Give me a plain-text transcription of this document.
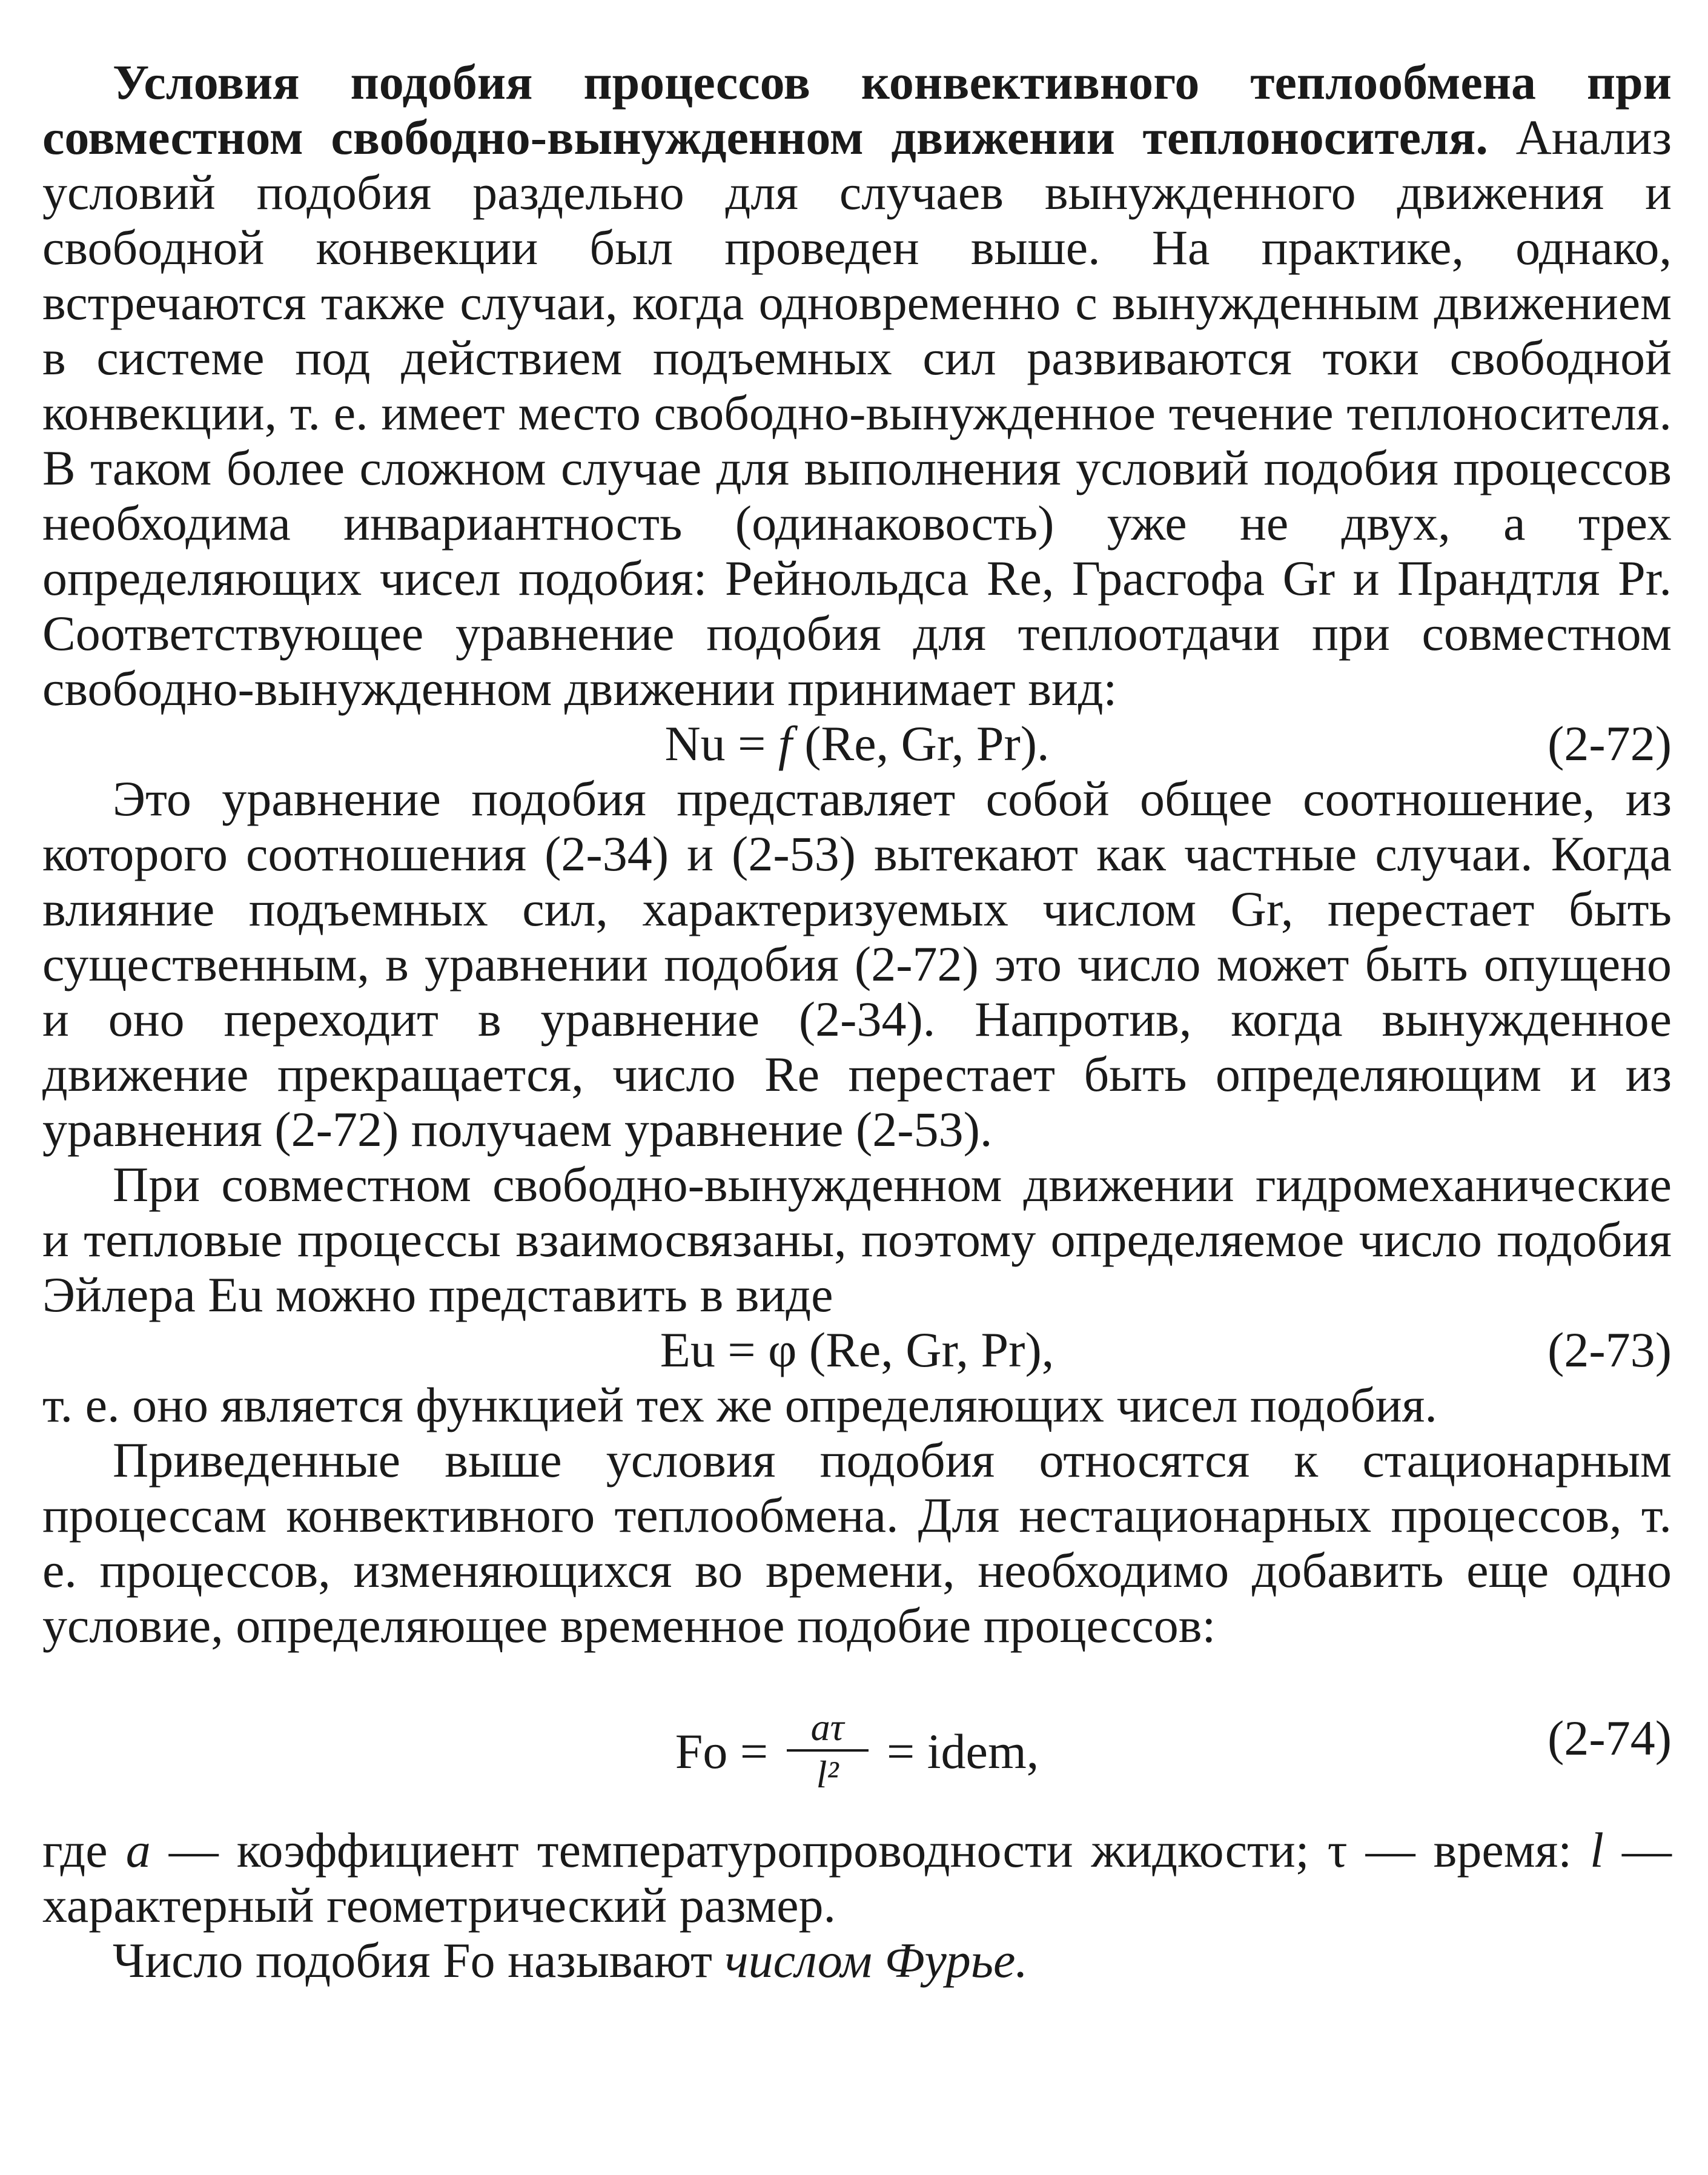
Условия подобия процессов конвективного теплообмена при совместном свободно-вынужденном движении теплоносителя. Анализ условий подобия раздельно для случаев вынужденного движения и свободной конвекции был проведен выше. На практике, однако, встречаются также случаи, когда одновременно с вынужденным движением в системе под действием подъемных сил развиваются токи свободной конвекции, т. е. имеет место свободно-вынужденное течение теплоносителя. В таком более сложном случае для выполнения условий подобия процессов необходима инвариантность (одинаковость) уже не двух, а трех определяющих чисел подобия: Рейнольдса Re, Грасгофа Gr и Прандтля Pr. Соответствующее уравнение подобия для теплоотдачи при совместном свободно-вынужденном движении принимает вид:

Nu = f (Re, Gr, Pr).	(2-72)

Это уравнение подобия представляет собой общее соотношение, из которого соотношения (2-34) и (2-53) вытекают как частные случаи. Когда влияние подъемных сил, характеризуемых числом Gr, перестает быть существенным, в уравнении подобия (2-72) это число может быть опущено и оно переходит в уравнение (2-34). Напротив, когда вынужденное движение прекращается, число Re перестает быть определяющим и из уравнения (2-72) получаем уравнение (2-53).

При совместном свободно-вынужденном движении гидромеханические и тепловые процессы взаимосвязаны, поэтому определяемое число подобия Эйлера Eu можно представить в виде

Eu = φ (Re, Gr, Pr),	(2-73)

т. е. оно является функцией тех же определяющих чисел подобия.

Приведенные выше условия подобия относятся к стационарным процессам конвективного теплообмена. Для нестационарных процессов, т. е. процессов, изменяющихся во времени, необходимо добавить еще одно условие, определяющее временное подобие процессов:

$Fo = \frac{a\tau}{\text{l²}}$ = idem,	(2-74)

где a — коэффициент температуропроводности жидкости; τ — время: l — характерный геометрический размер.

Число подобия Fo называют числом Фурье.
